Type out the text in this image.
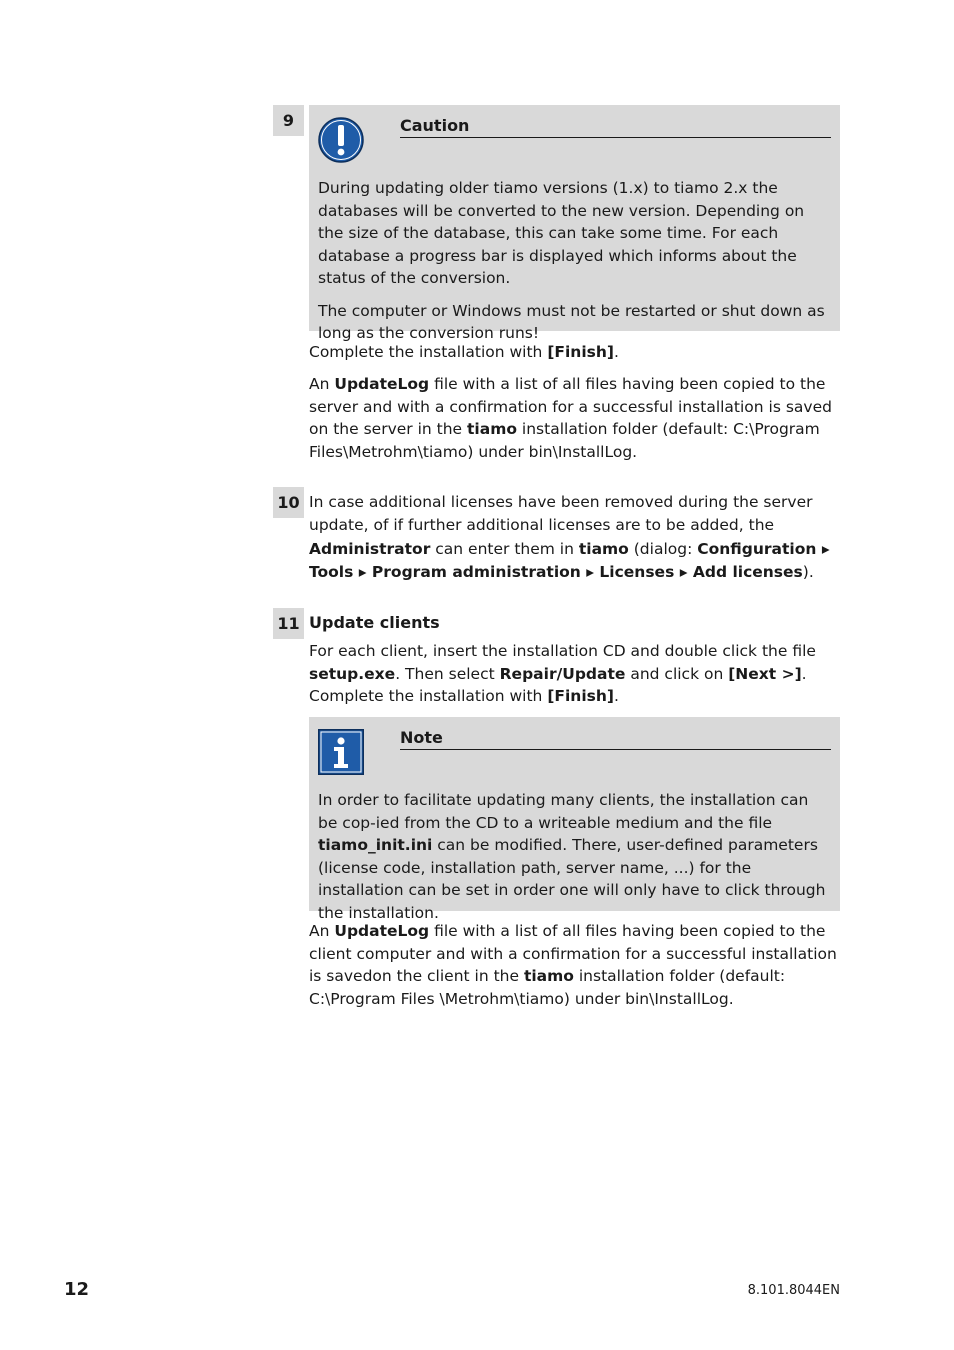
9	Caution

During updating older tiamo versions (1.x) to tiamo 2.x the databases will be converted to the new version. Depending on the size of the database, this can take some time. For each database a progress bar is displayed which informs about the status of the conversion.

The computer or Windows must not be restarted or shut down as long as the conversion runs!

Complete the installation with [Finish].

An UpdateLog file with a list of all files having been copied to the server and with a confirmation for a successful installation is saved on the server in the tiamo installation folder (default: C:\Program Files\Metrohm\tiamo) under bin\InstallLog.

10 In case additional licenses have been removed during the server update, of if further additional licenses are to be added, the Administrator can enter them in tiamo (dialog: Configuration ▸ Tools ▸ Program administration ▸ Licenses ▸ Add licenses).

11 Update clients

For each client, insert the installation CD and double click the file setup.exe. Then select Repair/Update and click on [Next >]. Complete the installation with [Finish].

Note

In order to facilitate updating many clients, the installation can be cop-ied from the CD to a writeable medium and the file tiamo_init.ini can be modified. There, user-defined parameters (license code, installation path, server name, ...) for the installation can be set in order one will only have to click through the installation.

An UpdateLog file with a list of all files having been copied to the client computer and with a confirmation for a successful installation is savedon the client in the tiamo installation folder (default: C:\Program Files \Metrohm\tiamo) under bin\InstallLog.

12	8.101.8044EN
